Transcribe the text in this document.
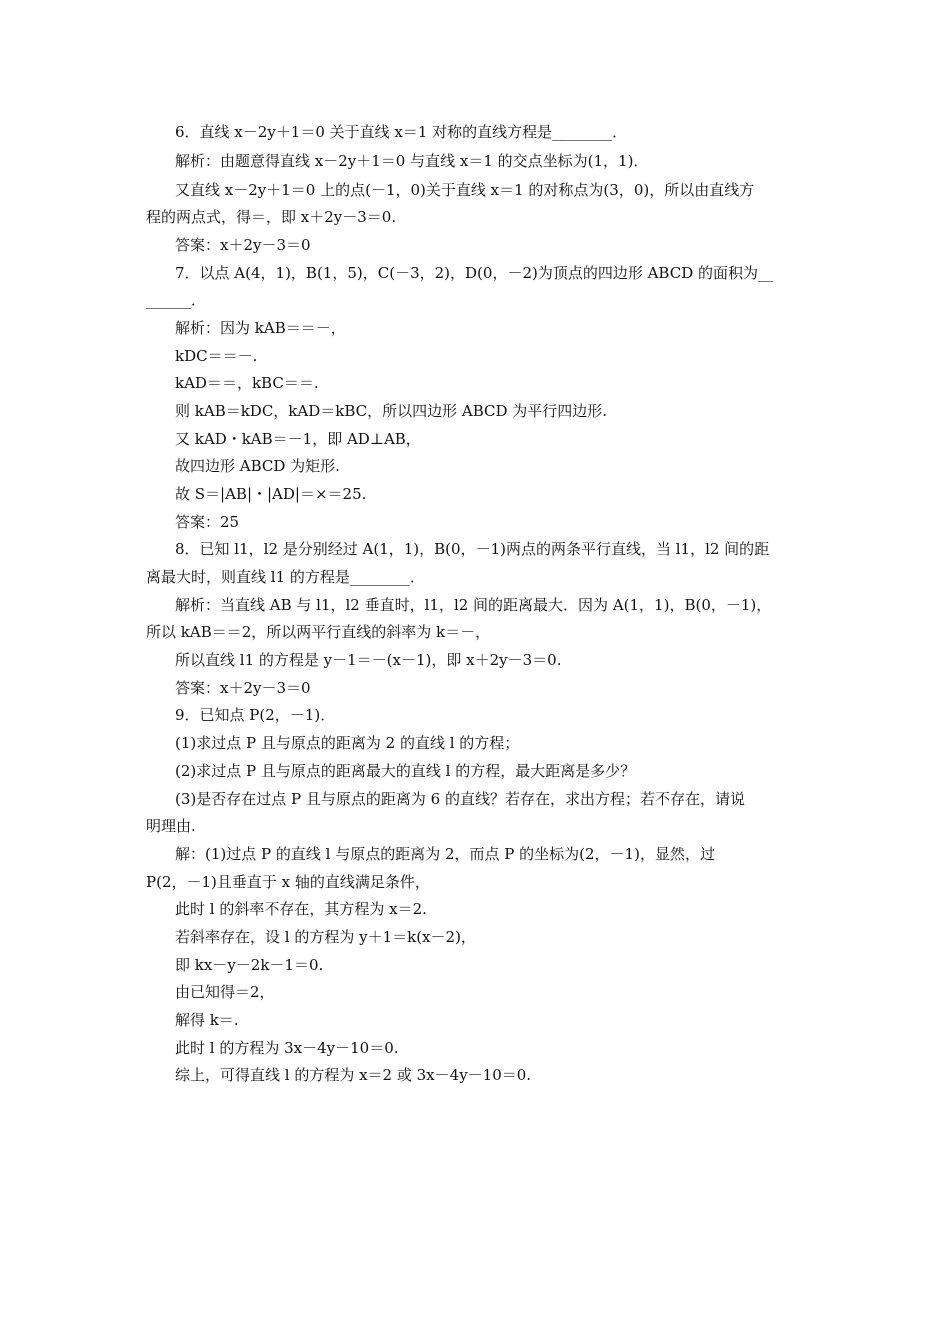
6．直线 x－2y＋1＝0 关于直线 x＝1 对称的直线方程是________．
解析：由题意得直线 x－2y＋1＝0 与直线 x＝1 的交点坐标为(1，1)．
又直线 x－2y＋1＝0 上的点(－1，0)关于直线 x＝1 的对称点为(3，0)，所以由直线方
程的两点式，得＝，即 x＋2y－3＝0.
答案：x＋2y－3＝0
7．以点 A(4，1)，B(1，5)，C(－3，2)，D(0，－2)为顶点的四边形 ABCD 的面积为__
______．
解析：因为 kAB＝＝－，
kDC＝＝－.
kAD＝＝，kBC＝＝.
则 kAB＝kDC，kAD＝kBC，所以四边形 ABCD 为平行四边形.
又 kAD・kAB＝－1，即 AD⊥AB，
故四边形 ABCD 为矩形.
故 S＝|AB|・|AD|＝×＝25.
答案：25
8．已知 l1，l2 是分别经过 A(1，1)，B(0，－1)两点的两条平行直线，当 l1，l2 间的距
离最大时，则直线 l1 的方程是________．
解析：当直线 AB 与 l1，l2 垂直时，l1，l2 间的距离最大．因为 A(1，1)，B(0，－1)，
所以 kAB＝＝2，所以两平行直线的斜率为 k＝－，
所以直线 l1 的方程是 y－1＝－(x－1)，即 x＋2y－3＝0.
答案：x＋2y－3＝0
9．已知点 P(2，－1)．
(1)求过点 P 且与原点的距离为 2 的直线 l 的方程；
(2)求过点 P 且与原点的距离最大的直线 l 的方程，最大距离是多少？
(3)是否存在过点 P 且与原点的距离为 6 的直线？若存在，求出方程；若不存在，请说
明理由.
解：(1)过点 P 的直线 l 与原点的距离为 2，而点 P 的坐标为(2，－1)，显然，过
P(2，－1)且垂直于 x 轴的直线满足条件，
此时 l 的斜率不存在，其方程为 x＝2.
若斜率存在，设 l 的方程为 y＋1＝k(x－2)，
即 kx－y－2k－1＝0.
由已知得＝2，
解得 k＝.
此时 l 的方程为 3x－4y－10＝0.
综上，可得直线 l 的方程为 x＝2 或 3x－4y－10＝0.
